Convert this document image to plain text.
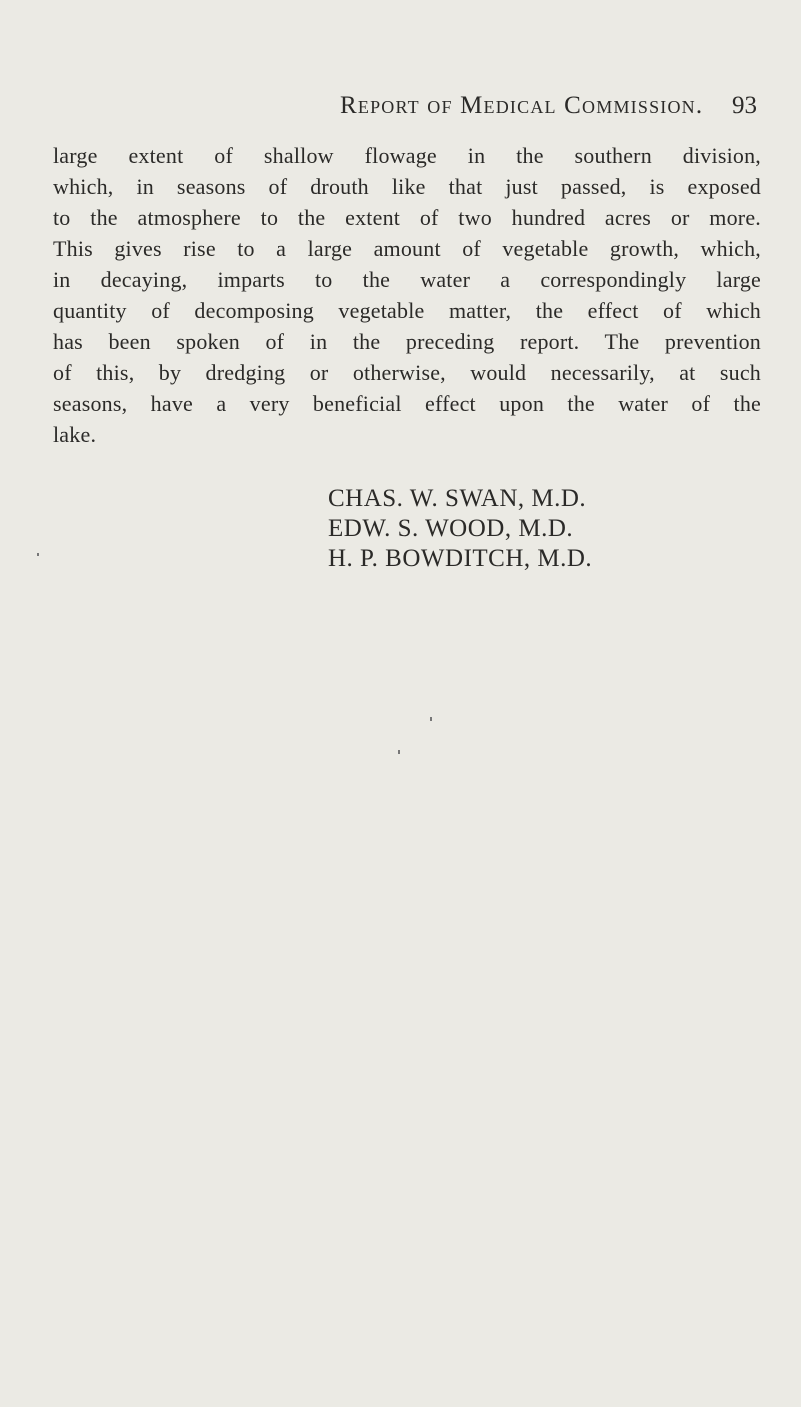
Report of Medical Commission. 93
large extent of shallow flowage in the southern division,
which, in seasons of drouth like that just passed, is exposed
to the atmosphere to the extent of two hundred acres or more.
This gives rise to a large amount of vegetable growth, which,
in decaying, imparts to the water a correspondingly large
quantity of decomposing vegetable matter, the effect of which
has been spoken of in the preceding report. The prevention
of this, by dredging or otherwise, would necessarily, at such
seasons, have a very beneficial effect upon the water of the
lake.
CHAS. W. SWAN, M.D.
EDW. S. WOOD, M.D.
H. P. BOWDITCH, M.D.
